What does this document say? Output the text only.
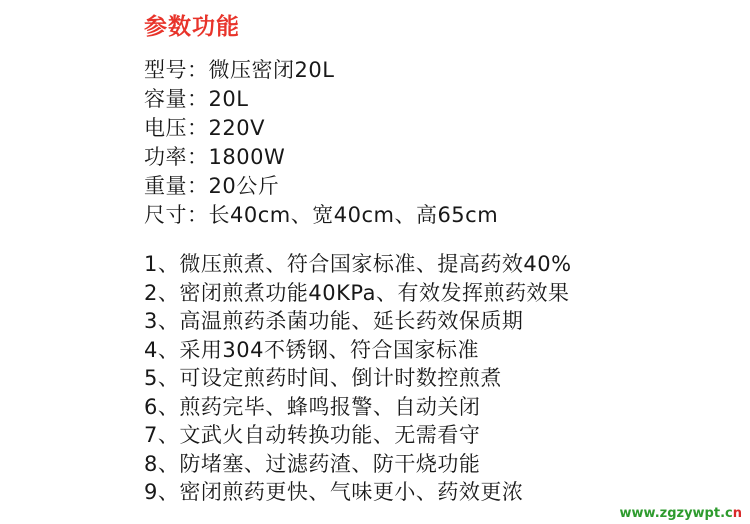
参数功能
型号：微压密闭20L
容量：20L
电压：220V
功率：1800W
重量：20公斤
尺寸：长40cm、宽40cm、高65cm
1、微压煎煮、符合国家标准、提高药效40%
2、密闭煎煮功能40KPa、有效发挥煎药效果
3、高温煎药杀菌功能、延长药效保质期
4、采用304不锈钢、符合国家标准
5、可设定煎药时间、倒计时数控煎煮
6、煎药完毕、蜂鸣报警、自动关闭
7、文武火自动转换功能、无需看守
8、防堵塞、过滤药渣、防干烧功能
9、密闭煎药更快、气味更小、药效更浓
www.zgzywpt.cn
